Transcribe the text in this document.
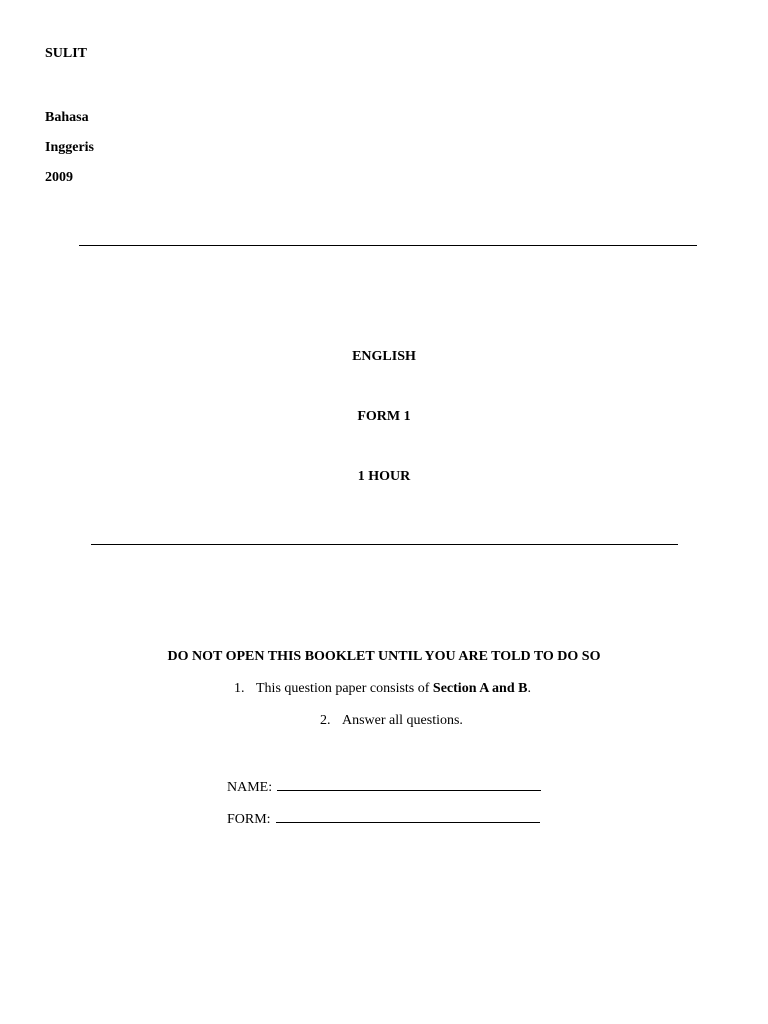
SULIT
Bahasa
Inggeris
2009
ENGLISH
FORM 1
1 HOUR
DO NOT OPEN THIS BOOKLET UNTIL YOU ARE TOLD TO DO SO
1. This question paper consists of Section A and B.
2. Answer all questions.
NAME:
FORM:
